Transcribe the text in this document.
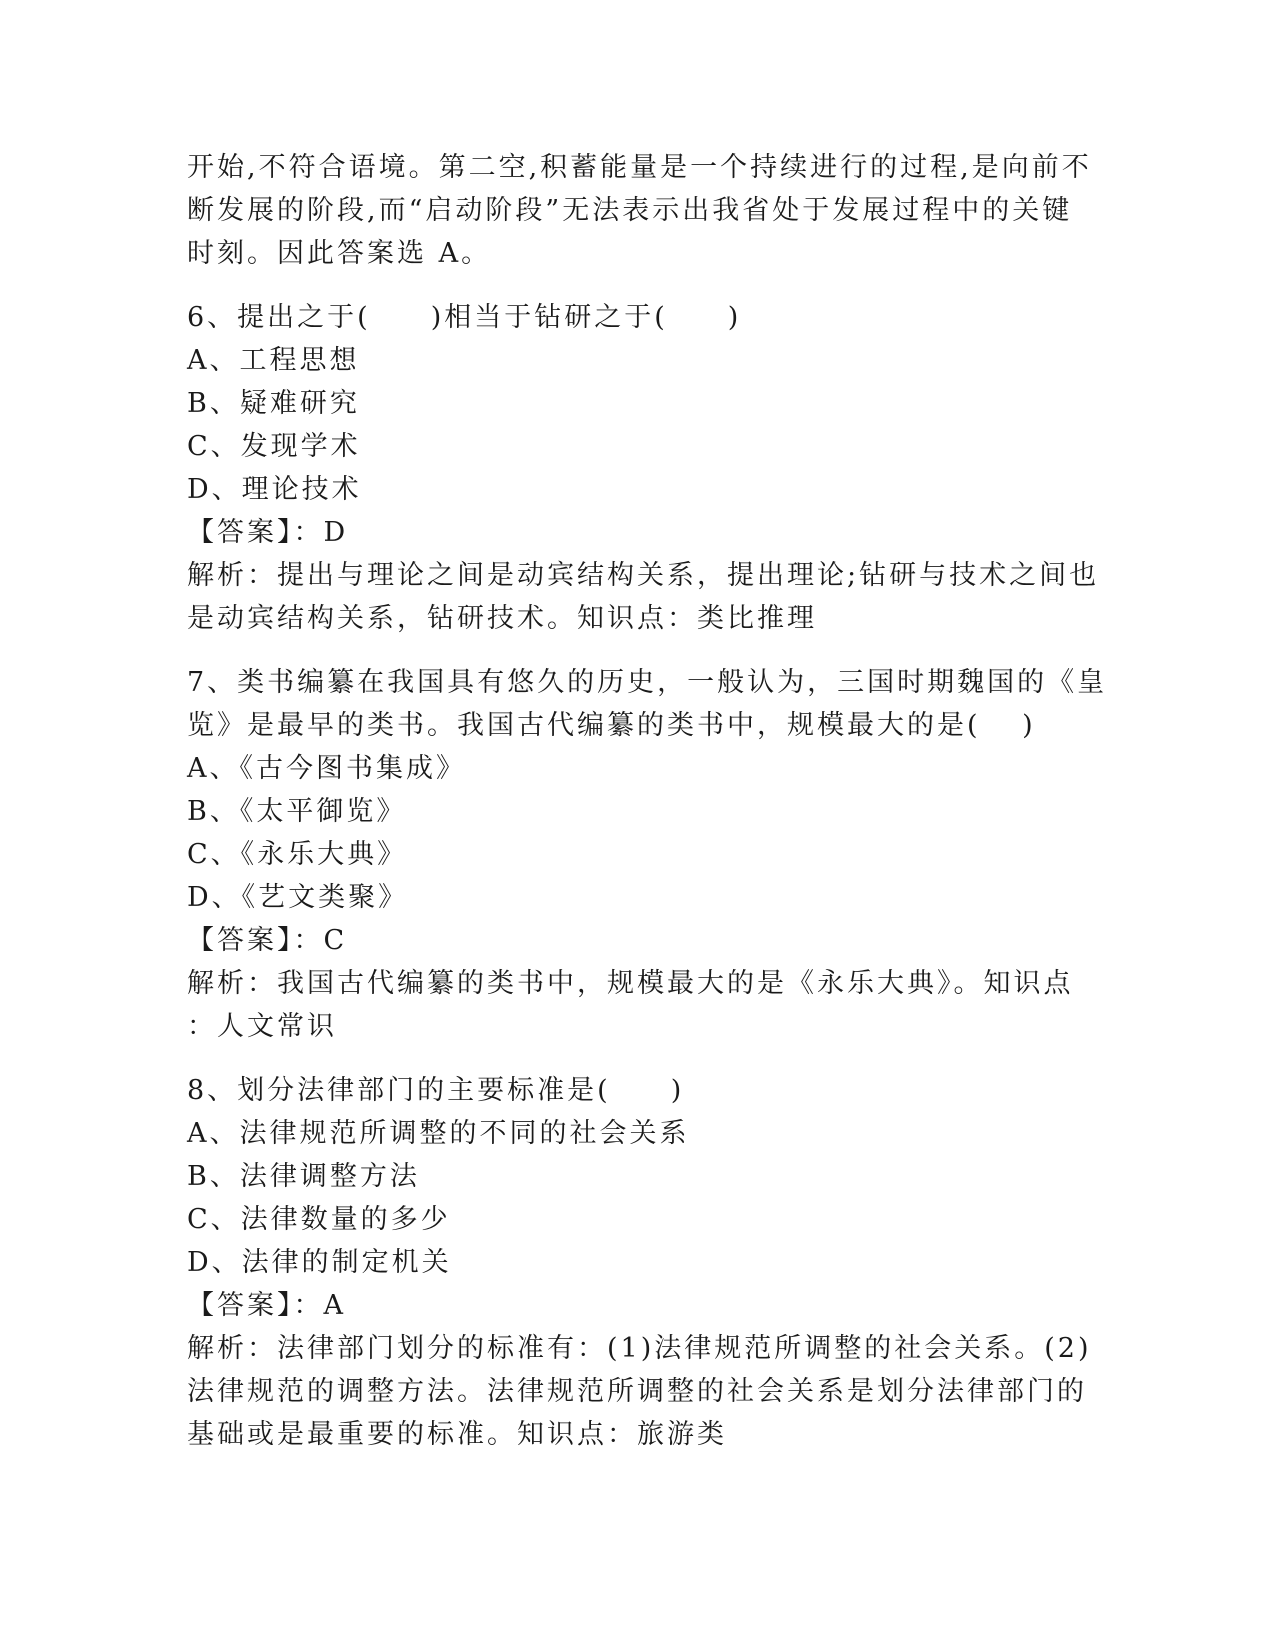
开始,不符合语境。第二空,积蓄能量是一个持续进行的过程,是向前不
断发展的阶段,而“启动阶段”无法表示出我省处于发展过程中的关键
时刻。因此答案选 A。
6、提出之于(　　)相当于钻研之于(　　)
A、工程思想
B、疑难研究
C、发现学术
D、理论技术
【答案】：D
解析：提出与理论之间是动宾结构关系，提出理论;钻研与技术之间也
是动宾结构关系，钻研技术。知识点：类比推理
7、类书编纂在我国具有悠久的历史，一般认为，三国时期魏国的《皇
览》是最早的类书。我国古代编纂的类书中，规模最大的是(　 )
A、《古今图书集成》
B、《太平御览》
C、《永乐大典》
D、《艺文类聚》
【答案】：C
解析：我国古代编纂的类书中，规模最大的是《永乐大典》。知识点
：人文常识
8、划分法律部门的主要标准是(　　)
A、法律规范所调整的不同的社会关系
B、法律调整方法
C、法律数量的多少
D、法律的制定机关
【答案】：A
解析：法律部门划分的标准有：(1)法律规范所调整的社会关系。(2)
法律规范的调整方法。法律规范所调整的社会关系是划分法律部门的
基础或是最重要的标准。知识点：旅游类
